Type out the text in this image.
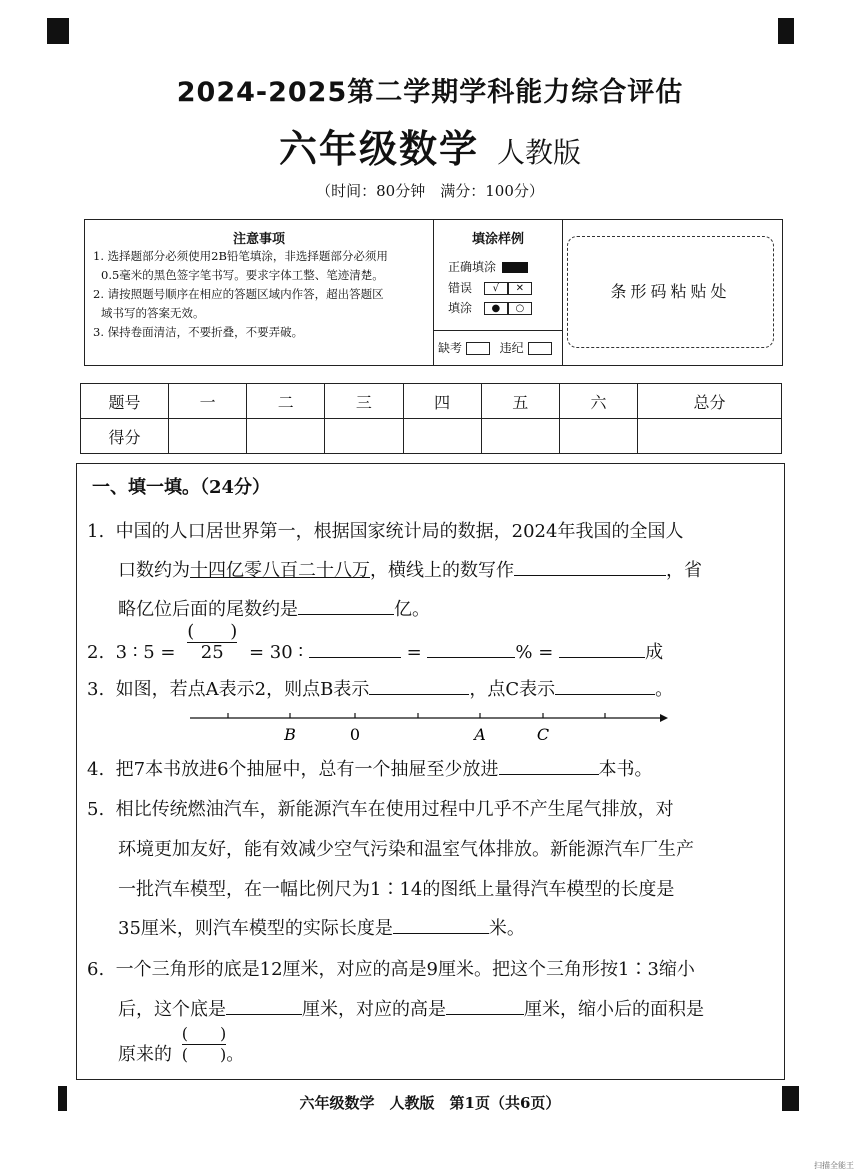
2024-2025第二学期学科能力综合评估
六年级数学 人教版
（时间：80分钟　满分：100分）
注意事项
1. 选择题部分必须使用2B铅笔填涂，非选择题部分必须用
0.5毫米的黑色签字笔书写。要求字体工整、笔迹清楚。
2. 请按照题号顺序在相应的答题区域内作答，超出答题区
域书写的答案无效。
3. 保持卷面清洁，不要折叠，不要弄破。
填涂样例
正确填涂
错误 √ ✕
填涂 ● ○
缺考	违纪
条形码粘贴处
题号	一	二	三	四	五	六	总分
得分							
一、填一填。（24分）
1. 中国的人口居世界第一，根据国家统计局的数据，2024年我国的全国人
口数约为十四亿零八百二十八万，横线上的数写作	，省
略亿位后面的尾数约是	亿。
2. 3 ∶ $5 = \frac{( )}{25} = 30$ ∶	=	% =	成
3. 如图，若点A表示2，则点B表示	，点C表示	。
B	0	A	C
4. 把7本书放进6个抽屉中，总有一个抽屉至少放进	本书。
5. 相比传统燃油汽车，新能源汽车在使用过程中几乎不产生尾气排放，对
环境更加友好，能有效减少空气污染和温室气体排放。新能源汽车厂生产
一批汽车模型，在一幅比例尺为1∶14的图纸上量得汽车模型的长度是
35厘米，则汽车模型的实际长度是	米。
6. 一个三角形的底是12厘米，对应的高是9厘米。把这个三角形按1∶3缩小
后，这个底是	厘米，对应的高是	厘米，缩小后的面积是
原来的 $\frac{( )}{( )}$ 。
六年级数学　人教版　第1页（共6页）
扫描全能王
